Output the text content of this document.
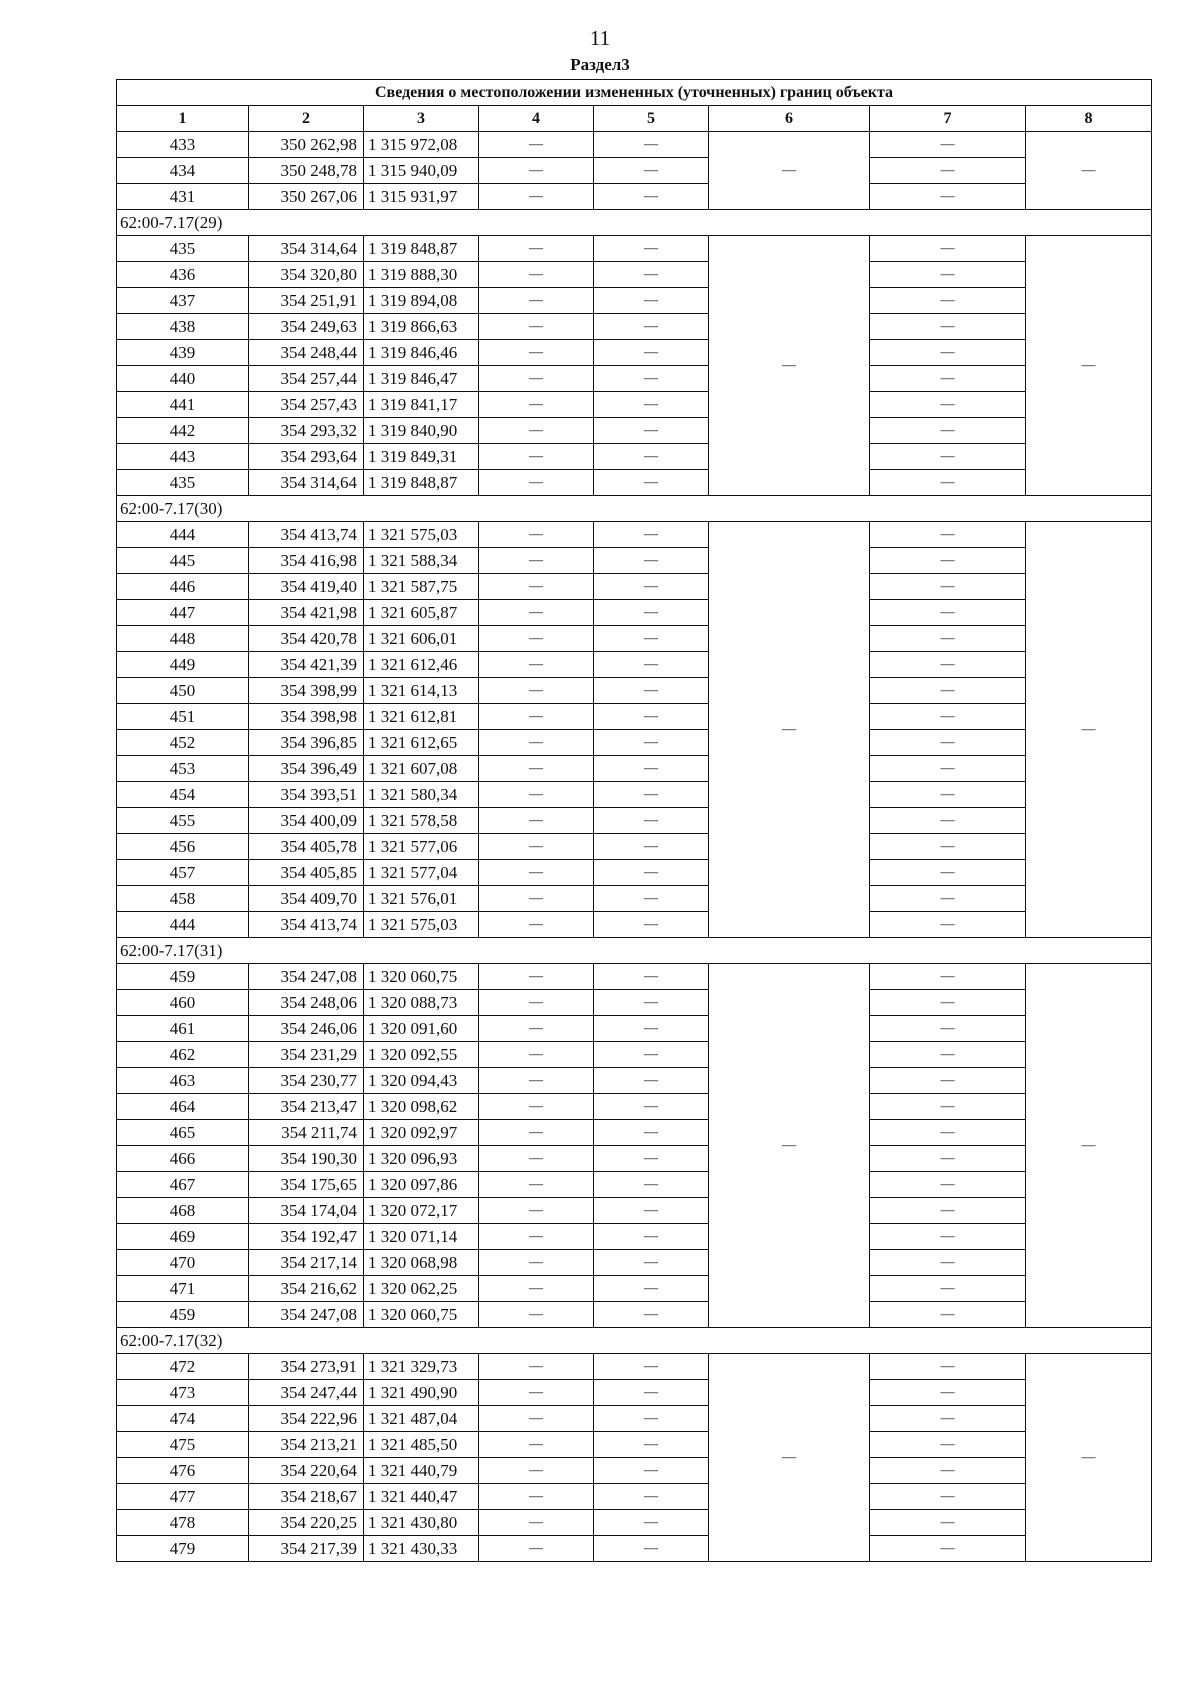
11
Раздел3
Сведения о местоположении измененных (уточненных) границ объекта							
1	2	3	4	5	6	7	8
433	350 262,98	1 315 972,08	—	—	—	—	—
434	350 248,78	1 315 940,09	—	—		—	
431	350 267,06	1 315 931,97	—	—		—	
62:00-7.17(29)							
435	354 314,64	1 319 848,87	—	—	—	—	—
436	354 320,80	1 319 888,30	—	—		—	
437	354 251,91	1 319 894,08	—	—		—	
438	354 249,63	1 319 866,63	—	—		—	
439	354 248,44	1 319 846,46	—	—		—	
440	354 257,44	1 319 846,47	—	—		—	
441	354 257,43	1 319 841,17	—	—		—	
442	354 293,32	1 319 840,90	—	—		—	
443	354 293,64	1 319 849,31	—	—		—	
435	354 314,64	1 319 848,87	—	—		—	
62:00-7.17(30)							
444	354 413,74	1 321 575,03	—	—	—	—	—
445	354 416,98	1 321 588,34	—	—		—	
446	354 419,40	1 321 587,75	—	—		—	
447	354 421,98	1 321 605,87	—	—		—	
448	354 420,78	1 321 606,01	—	—		—	
449	354 421,39	1 321 612,46	—	—		—	
450	354 398,99	1 321 614,13	—	—		—	
451	354 398,98	1 321 612,81	—	—		—	
452	354 396,85	1 321 612,65	—	—		—	
453	354 396,49	1 321 607,08	—	—		—	
454	354 393,51	1 321 580,34	—	—		—	
455	354 400,09	1 321 578,58	—	—		—	
456	354 405,78	1 321 577,06	—	—		—	
457	354 405,85	1 321 577,04	—	—		—	
458	354 409,70	1 321 576,01	—	—		—	
444	354 413,74	1 321 575,03	—	—		—	
62:00-7.17(31)							
459	354 247,08	1 320 060,75	—	—	—	—	—
460	354 248,06	1 320 088,73	—	—		—	
461	354 246,06	1 320 091,60	—	—		—	
462	354 231,29	1 320 092,55	—	—		—	
463	354 230,77	1 320 094,43	—	—		—	
464	354 213,47	1 320 098,62	—	—		—	
465	354 211,74	1 320 092,97	—	—		—	
466	354 190,30	1 320 096,93	—	—		—	
467	354 175,65	1 320 097,86	—	—		—	
468	354 174,04	1 320 072,17	—	—		—	
469	354 192,47	1 320 071,14	—	—		—	
470	354 217,14	1 320 068,98	—	—		—	
471	354 216,62	1 320 062,25	—	—		—	
459	354 247,08	1 320 060,75	—	—		—	
62:00-7.17(32)							
472	354 273,91	1 321 329,73	—	—	—	—	—
473	354 247,44	1 321 490,90	—	—		—	
474	354 222,96	1 321 487,04	—	—		—	
475	354 213,21	1 321 485,50	—	—		—	
476	354 220,64	1 321 440,79	—	—		—	
477	354 218,67	1 321 440,47	—	—		—	
478	354 220,25	1 321 430,80	—	—		—	
479	354 217,39	1 321 430,33	—	—		—	
